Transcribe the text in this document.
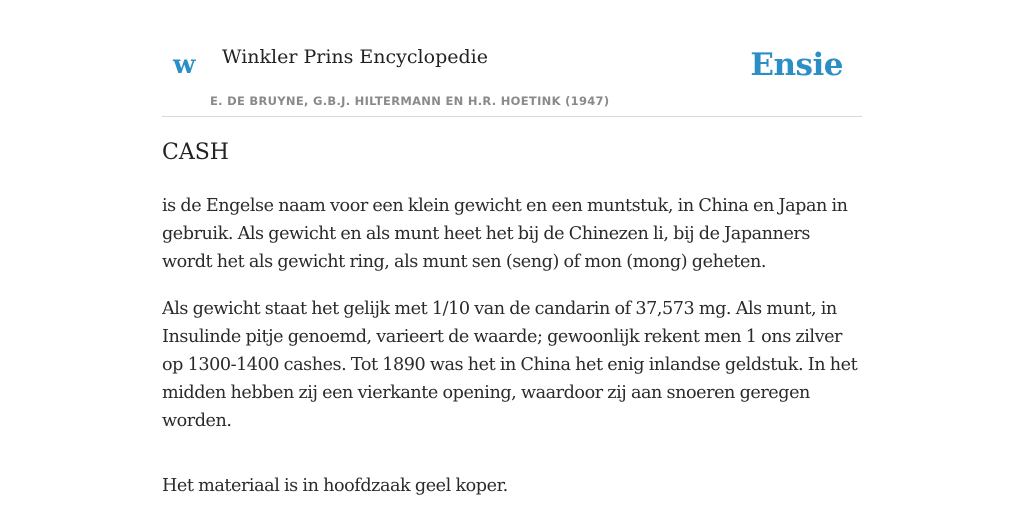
w Winkler Prins Encyclopedie
E. DE BRUYNE, G.B.J. HILTERMANN EN H.R. HOETINK (1947)
Ensie
CASH

is de Engelse naam voor een klein gewicht en een muntstuk, in China en Japan in gebruik. Als gewicht en als munt heet het bij de Chinezen li, bij de Japanners wordt het als gewicht ring, als munt sen (seng) of mon (mong) geheten.

Als gewicht staat het gelijk met 1/10 van de candarin of 37,573 mg. Als munt, in Insulinde pitje genoemd, varieert de waarde; gewoonlijk rekent men 1 ons zilver op 1300-1400 cashes. Tot 1890 was het in China het enig inlandse geldstuk. In het midden hebben zij een vierkante opening, waardoor zij aan snoeren geregen worden.

Het materiaal is in hoofdzaak geel koper.
